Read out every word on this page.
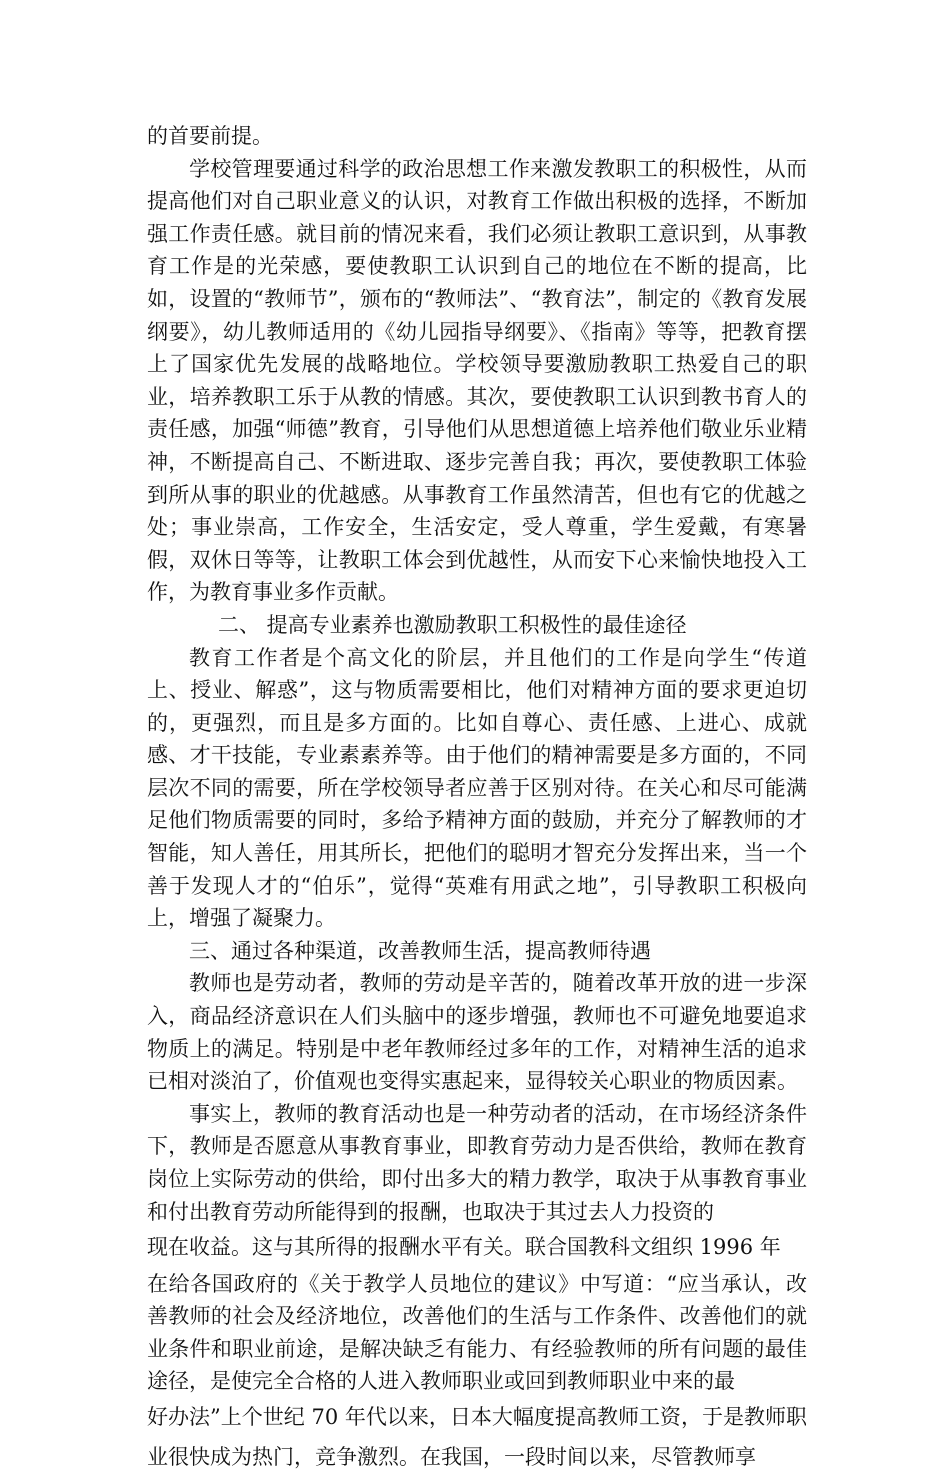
的首要前提。

学校管理要通过科学的政治思想工作来激发教职工的积极性，从而提高他们对自己职业意义的认识，对教育工作做出积极的选择，不断加强工作责任感。就目前的情况来看，我们必须让教职工意识到，从事教育工作是的光荣感，要使教职工认识到自己的地位在不断的提高，比如，设置的“教师节”，颁布的“教师法”、“教育法”，制定的《教育发展纲要》，幼儿教师适用的《幼儿园指导纲要》、《指南》等等，把教育摆上了国家优先发展的战略地位。学校领导要激励教职工热爱自己的职业，培养教职工乐于从教的情感。其次，要使教职工认识到教书育人的责任感，加强“师德”教育，引导他们从思想道德上培养他们敬业乐业精神，不断提高自己、不断进取、逐步完善自我；再次，要使教职工体验到所从事的职业的优越感。从事教育工作虽然清苦，但也有它的优越之处；事业崇高，工作安全，生活安定，受人尊重，学生爱戴，有寒暑假，双休日等等，让教职工体会到优越性，从而安下心来愉快地投入工作，为教育事业多作贡献。

二、 提高专业素养也激励教职工积极性的最佳途径

教育工作者是个高文化的阶层，并且他们的工作是向学生“传道上、授业、解惑”，这与物质需要相比，他们对精神方面的要求更迫切的，更强烈，而且是多方面的。比如自尊心、责任感、上进心、成就感、才干技能，专业素素养等。由于他们的精神需要是多方面的，不同层次不同的需要，所在学校领导者应善于区别对待。在关心和尽可能满足他们物质需要的同时，多给予精神方面的鼓励，并充分了解教师的才智能，知人善任，用其所长，把他们的聪明才智充分发挥出来，当一个善于发现人才的“伯乐”，觉得“英难有用武之地”，引导教职工积极向上，增强了凝聚力。

三、通过各种渠道，改善教师生活，提高教师待遇

教师也是劳动者，教师的劳动是辛苦的，随着改革开放的进一步深入，商品经济意识在人们头脑中的逐步增强，教师也不可避免地要追求物质上的满足。特别是中老年教师经过多年的工作，对精神生活的追求已相对淡泊了，价值观也变得实惠起来，显得较关心职业的物质因素。

事实上，教师的教育活动也是一种劳动者的活动，在市场经济条件下，教师是否愿意从事教育事业，即教育劳动力是否供给，教师在教育岗位上实际劳动的供给，即付出多大的精力教学，取决于从事教育事业和付出教育劳动所能得到的报酬，也取决于其过去人力投资的

现在收益。这与其所得的报酬水平有关。联合国教科文组织 1996 年

在给各国政府的《关于教学人员地位的建议》中写道：“应当承认，改善教师的社会及经济地位，改善他们的生活与工作条件、改善他们的就业条件和职业前途，是解决缺乏有能力、有经验教师的所有问题的最佳途径，是使完全合格的人进入教师职业或回到教师职业中来的最

好办法”上个世纪 70 年代以来，日本大幅度提高教师工资，于是教师职业很快成为热门，竞争激烈。在我国，一段时间以来，尽管教师享
